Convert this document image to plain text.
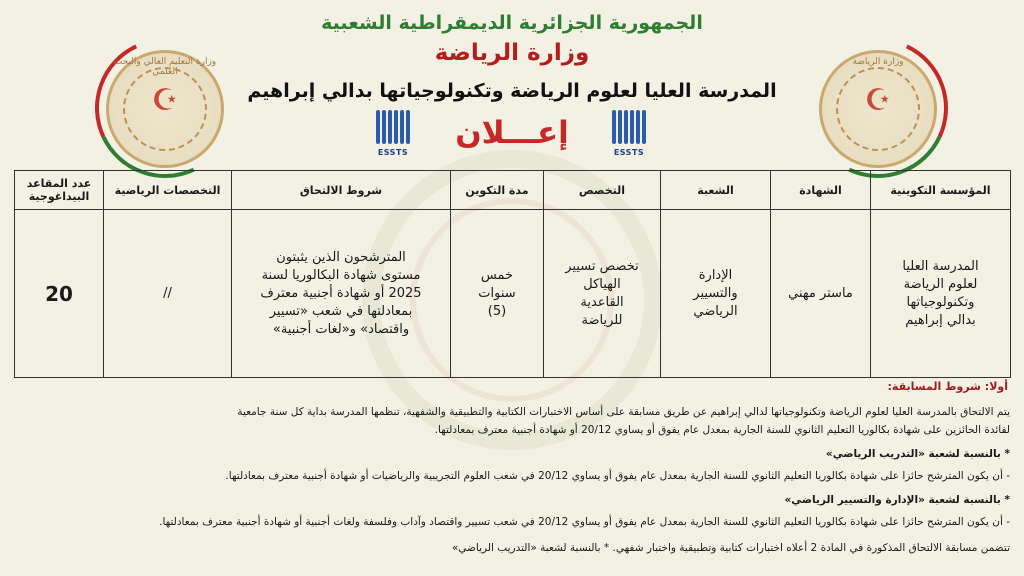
وزارة التعليم العالي والبحث العلمي
☪
وزارة الرياضة
☪
الجمهورية الجزائرية الديمقراطية الشعبية
وزارة الرياضة
المدرسة العليا لعلوم الرياضة وتكنولوجياتها بدالي إبراهيم
إعـــلان
ESSTS	ESSTS
المؤسسة التكوينية	الشهادة	الشعبة	التخصص	مدة التكوين	شروط الالتحاق	التخصصات الرياضية	عدد المقاعد البيداغوجية
المدرسة العليا لعلوم الرياضة وتكنولوجياتها بدالي إبراهيم	ماستر مهني	الإدارة والتسيير الرياضي	تخصص تسيير الهياكل القاعدية للرياضة	خمس سنوات (5)	المترشحون الذين يثبتون مستوى شهادة البكالوريا لسنة 2025 أو شهادة أجنبية معترف بمعادلتها في شعب «تسيير واقتصاد» و«لغات أجنبية»	//	20
أولا: شروط المسابقة:
يتم الالتحاق بالمدرسة العليا لعلوم الرياضة وتكنولوجياتها لدالي إبراهيم عن طريق مسابقة على أساس الاختبارات الكتابية والتطبيقية والشفهية، تنظمها المدرسة بداية كل سنة جامعية
لفائدة الحائزين على شهادة بكالوريا التعليم الثانوي للسنة الجارية بمعدل عام يفوق أو يساوي 20/12 أو شهادة أجنبية معترف بمعادلتها.
* بالنسبة لشعبة «التدريب الرياضي»
- أن يكون المترشح حائزا على شهادة بكالوريا التعليم الثانوي للسنة الجارية بمعدل عام يفوق أو يساوي 20/12 في شعب العلوم التجريبية والرياضيات أو شهادة أجنبية معترف بمعادلتها.
* بالنسبة لشعبة «الإدارة والتسيير الرياضي»
- أن يكون المترشح حائزا على شهادة بكالوريا التعليم الثانوي للسنة الجارية بمعدل عام يفوق أو يساوي 20/12 في شعب تسيير واقتصاد وآداب وفلسفة ولغات أجنبية أو شهادة أجنبية معترف بمعادلتها.
تتضمن مسابقة الالتحاق المذكورة في المادة 2 أعلاه اختبارات كتابية وتطبيقية واختبار شفهي. * بالنسبة لشعبة «التدريب الرياضي»
